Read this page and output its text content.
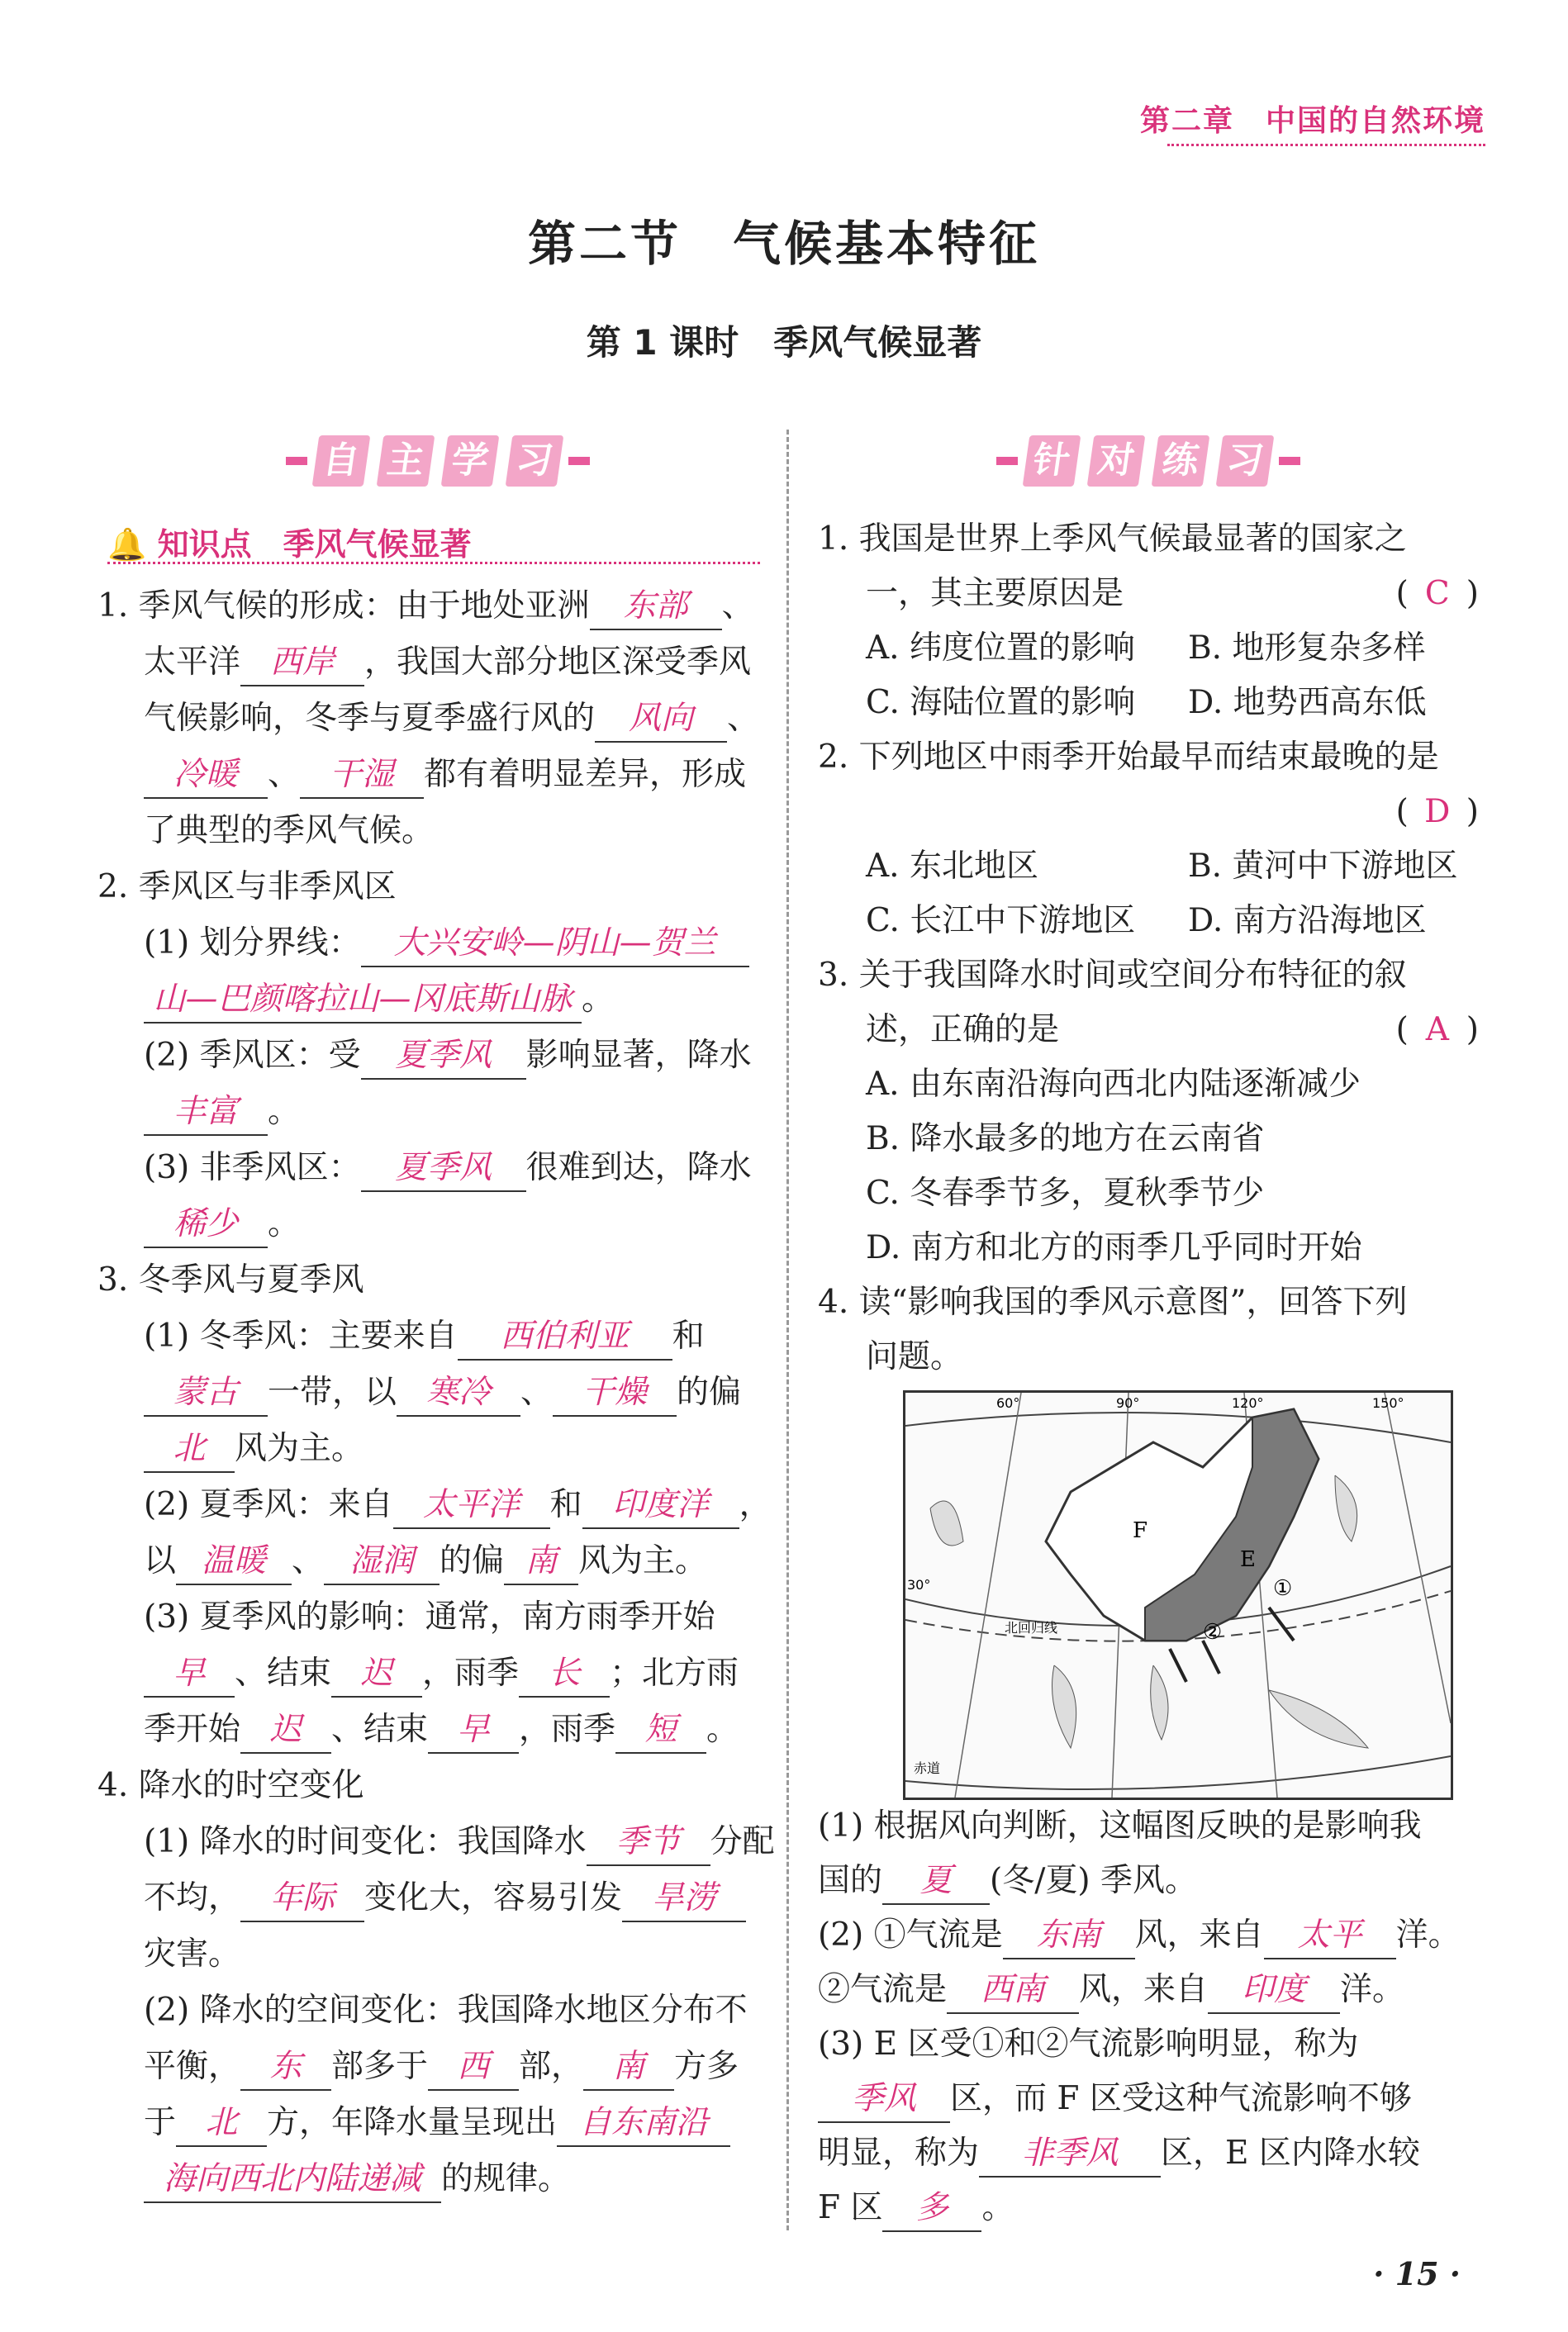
第二章　中国的自然环境
第二节　气候基本特征
第 1 课时　季风气候显著
自 主 学 习	针 对 练 习
🔔 知识点　季风气候显著

1. 季风气候的形成：由于地处亚洲 东部 、

太平洋 西岸 ，我国大部分地区深受季风

气候影响，冬季与夏季盛行风的 风向 、

冷暖 、 干湿 都有着明显差异，形成

了典型的季风气候。

2. 季风区与非季风区

(1) 划分界线： 大兴安岭—阴山—贺兰

山—巴颜喀拉山—冈底斯山脉 。

(2) 季风区：受 夏季风 影响显著，降水

丰富 。

(3) 非季风区： 夏季风 很难到达，降水

稀少 。

3. 冬季风与夏季风

(1) 冬季风：主要来自 西伯利亚 和

蒙古 一带，以 寒冷 、 干燥 的偏

北 风为主。

(2) 夏季风：来自 太平洋 和 印度洋 ，

以 温暖 、 湿润 的偏 南 风为主。

(3) 夏季风的影响：通常，南方雨季开始

早 、结束 迟 ，雨季 长 ；北方雨

季开始 迟 、结束 早 ，雨季 短 。

4. 降水的时空变化

(1) 降水的时间变化：我国降水 季节 分配

不均， 年际 变化大，容易引发 旱涝

灾害。

(2) 降水的空间变化：我国降水地区分布不

平衡， 东 部多于 西 部， 南 方多

于 北 方，年降水量呈现出 自东南沿

海向西北内陆递减 的规律。

1. 我国是世界上季风气候最显著的国家之

一，其主要原因是	( C )

A. 纬度位置的影响 B. 地形复杂多样

C. 海陆位置的影响 D. 地势西高东低

2. 下列地区中雨季开始最早而结束最晚的是

( D )

A. 东北地区	B. 黄河中下游地区

C. 长江中下游地区 D. 南方沿海地区

3. 关于我国降水时间或空间分布特征的叙

述，正确的是	( A )

A. 由东南沿海向西北内陆逐渐减少

B. 降水最多的地方在云南省

C. 冬春季节多，夏秋季节少

D. 南方和北方的雨季几乎同时开始

4. 读“影响我国的季风示意图”，回答下列

问题。

60°	90°	120°	150°
30°
北回归线
赤道
F
E
①
②

(1) 根据风向判断，这幅图反映的是影响我

国的 夏 (冬/夏) 季风。

(2) ①气流是 东南 风，来自 太平 洋。

②气流是 西南 风，来自 印度 洋。

(3) E 区受①和②气流影响明显，称为

季风 区，而 F 区受这种气流影响不够

明显，称为 非季风 区，E 区内降水较

F 区 多 。

· 15 ·
